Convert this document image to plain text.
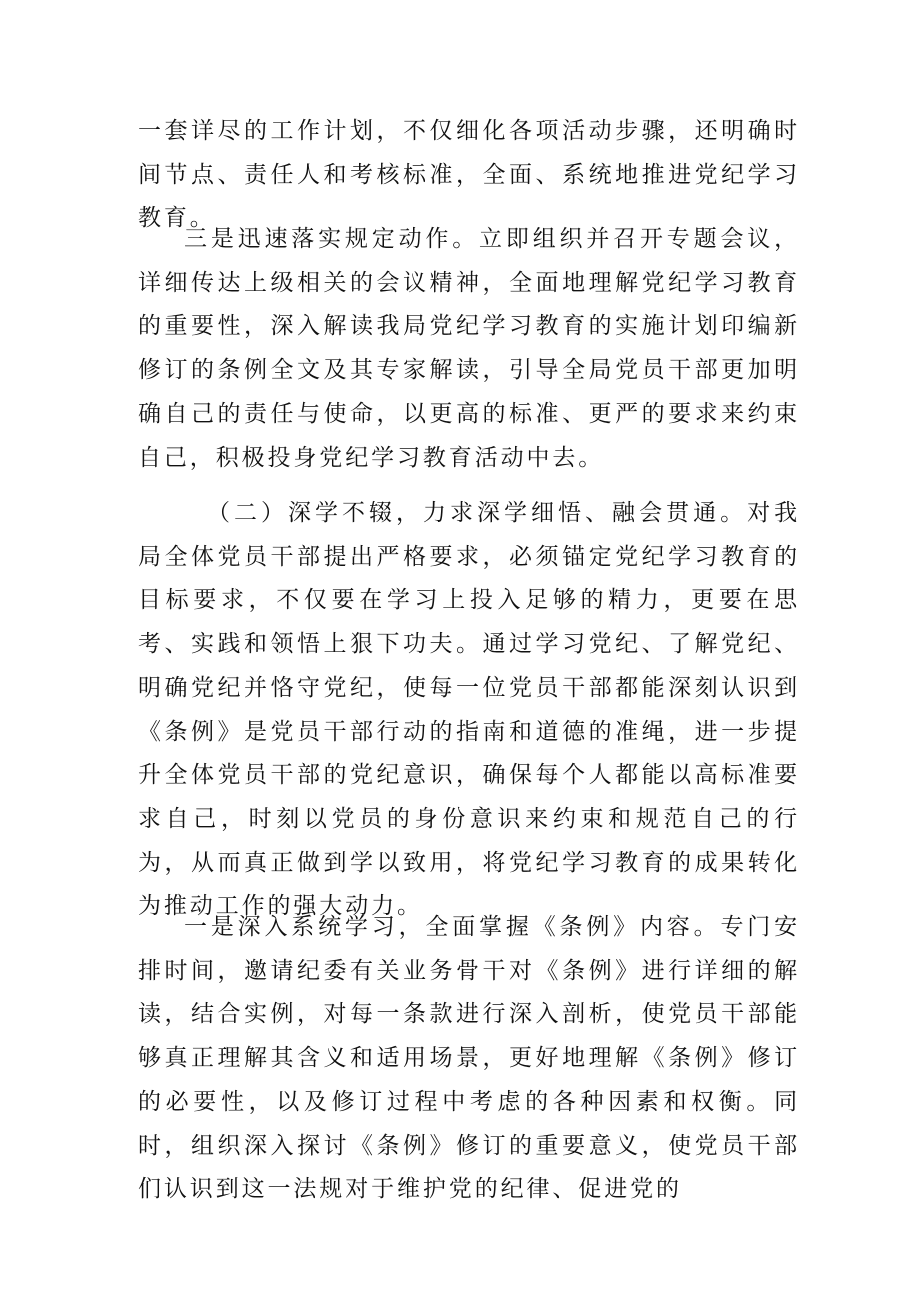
一套详尽的工作计划，不仅细化各项活动步骤，还明确时间节点、责任人和考核标准，全面、系统地推进党纪学习教育。

三是迅速落实规定动作。立即组织并召开专题会议，详细传达上级相关的会议精神，全面地理解党纪学习教育的重要性，深入解读我局党纪学习教育的实施计划印编新修订的条例全文及其专家解读，引导全局党员干部更加明确自己的责任与使命，以更高的标准、更严的要求来约束自己，积极投身党纪学习教育活动中去。

（二）深学不辍，力求深学细悟、融会贯通。对我局全体党员干部提出严格要求，必须锚定党纪学习教育的目标要求，不仅要在学习上投入足够的精力，更要在思考、实践和领悟上狠下功夫。通过学习党纪、了解党纪、明确党纪并恪守党纪，使每一位党员干部都能深刻认识到《条例》是党员干部行动的指南和道德的准绳，进一步提升全体党员干部的党纪意识，确保每个人都能以高标准要求自己，时刻以党员的身份意识来约束和规范自己的行为，从而真正做到学以致用，将党纪学习教育的成果转化为推动工作的强大动力。

一是深入系统学习，全面掌握《条例》内容。专门安排时间，邀请纪委有关业务骨干对《条例》进行详细的解读，结合实例，对每一条款进行深入剖析，使党员干部能够真正理解其含义和适用场景，更好地理解《条例》修订的必要性，以及修订过程中考虑的各种因素和权衡。同时，组织深入探讨《条例》修订的重要意义，使党员干部们认识到这一法规对于维护党的纪律、促进党的
